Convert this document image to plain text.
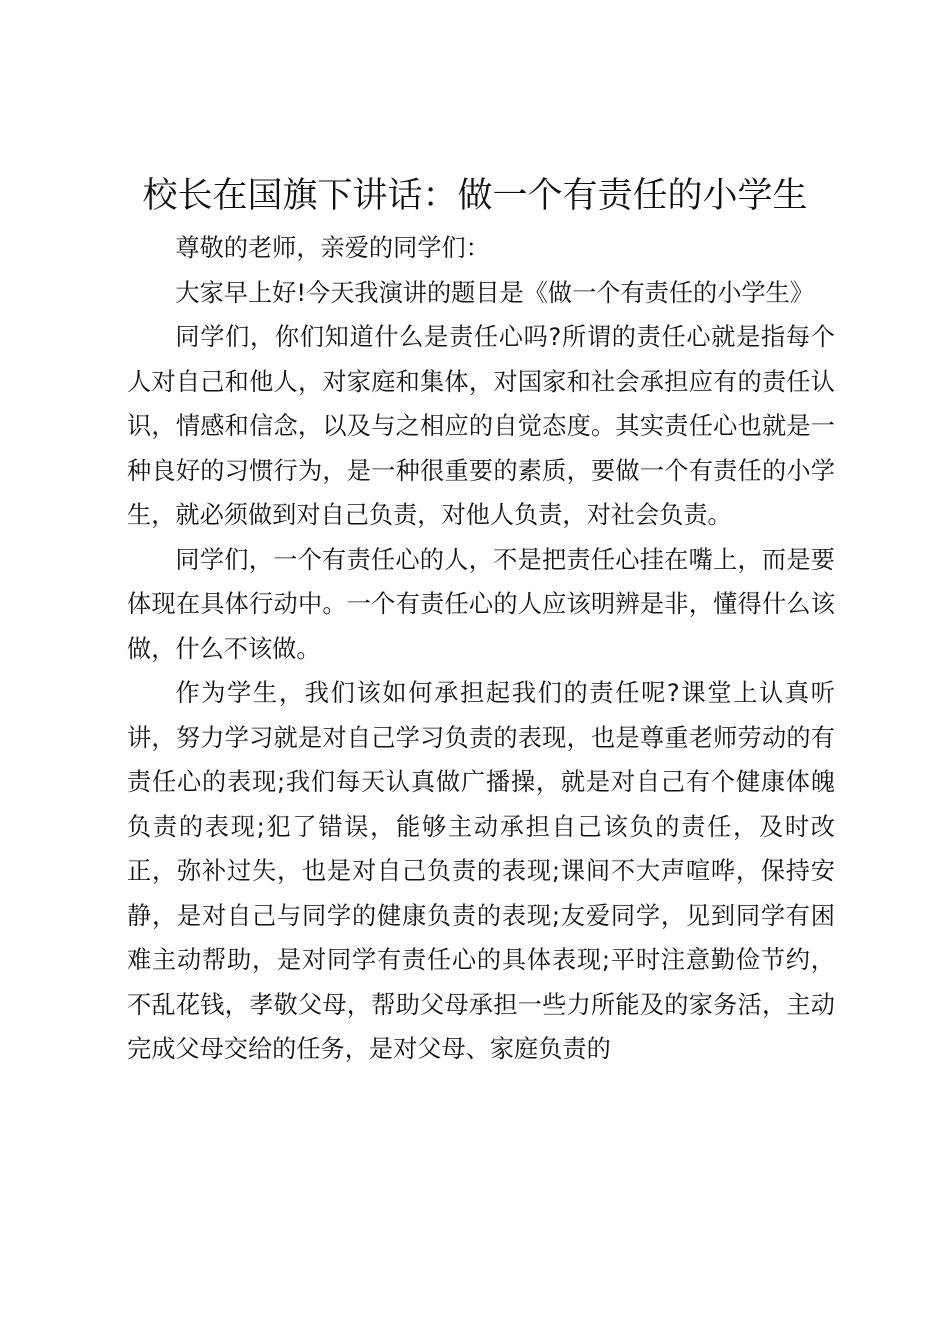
校长在国旗下讲话：做一个有责任的小学生

尊敬的老师，亲爱的同学们：

大家早上好!今天我演讲的题目是《做一个有责任的小学生》

同学们，你们知道什么是责任心吗?所谓的责任心就是指每个人对自己和他人，对家庭和集体，对国家和社会承担应有的责任认识，情感和信念，以及与之相应的自觉态度。其实责任心也就是一种良好的习惯行为，是一种很重要的素质，要做一个有责任的小学生，就必须做到对自己负责，对他人负责，对社会负责。

同学们，一个有责任心的人，不是把责任心挂在嘴上，而是要体现在具体行动中。一个有责任心的人应该明辨是非，懂得什么该做，什么不该做。

作为学生，我们该如何承担起我们的责任呢?课堂上认真听讲，努力学习就是对自己学习负责的表现，也是尊重老师劳动的有责任心的表现;我们每天认真做广播操，就是对自己有个健康体魄负责的表现;犯了错误，能够主动承担自己该负的责任，及时改正，弥补过失，也是对自己负责的表现;课间不大声喧哗，保持安静，是对自己与同学的健康负责的表现;友爱同学，见到同学有困难主动帮助，是对同学有责任心的具体表现;平时注意勤俭节约，不乱花钱，孝敬父母，帮助父母承担一些力所能及的家务活，主动完成父母交给的任务，是对父母、家庭负责的
